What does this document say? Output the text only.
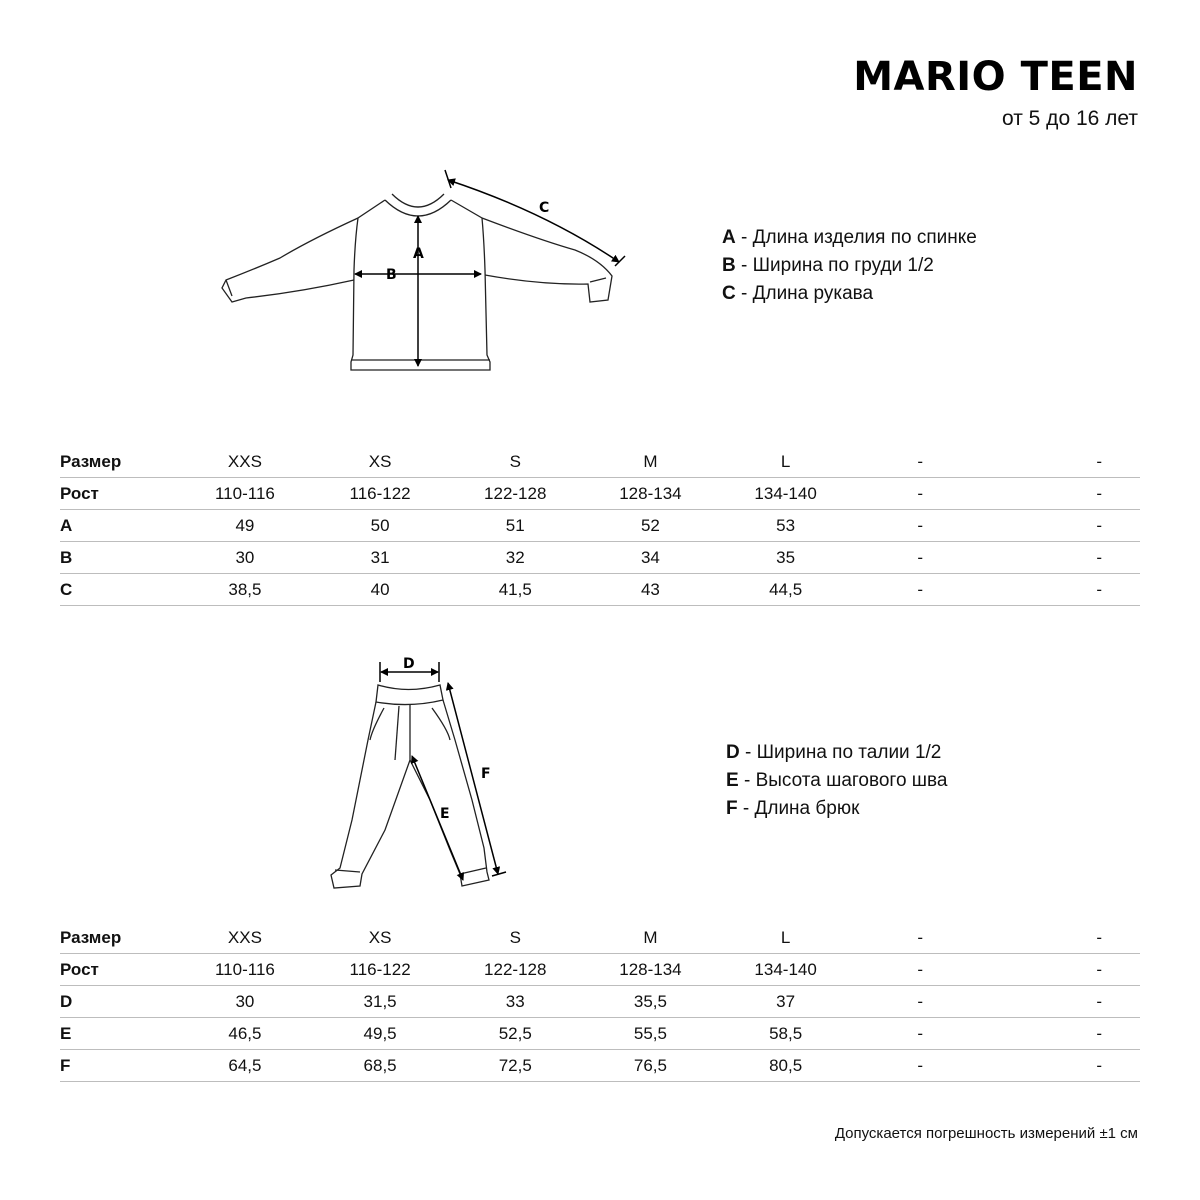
MARIO TEEN
от 5 до 16 лет
A
B
C
D
E
F
A - Длина изделия по спинке
B - Ширина по груди 1/2
C - Длина рукава
Размер	XXS	XS	S	M	L	-	-
Рост	110-116	116-122	122-128	128-134	134-140	-	-
A	49	50	51	52	53	-	-
B	30	31	32	34	35	-	-
C	38,5	40	41,5	43	44,5	-	-
D - Ширина по талии 1/2
E - Высота шагового шва
F - Длина брюк
Размер	XXS	XS	S	M	L	-	-
Рост	110-116	116-122	122-128	128-134	134-140	-	-
D	30	31,5	33	35,5	37	-	-
E	46,5	49,5	52,5	55,5	58,5	-	-
F	64,5	68,5	72,5	76,5	80,5	-	-
Допускается погрешность измерений ±1 см
